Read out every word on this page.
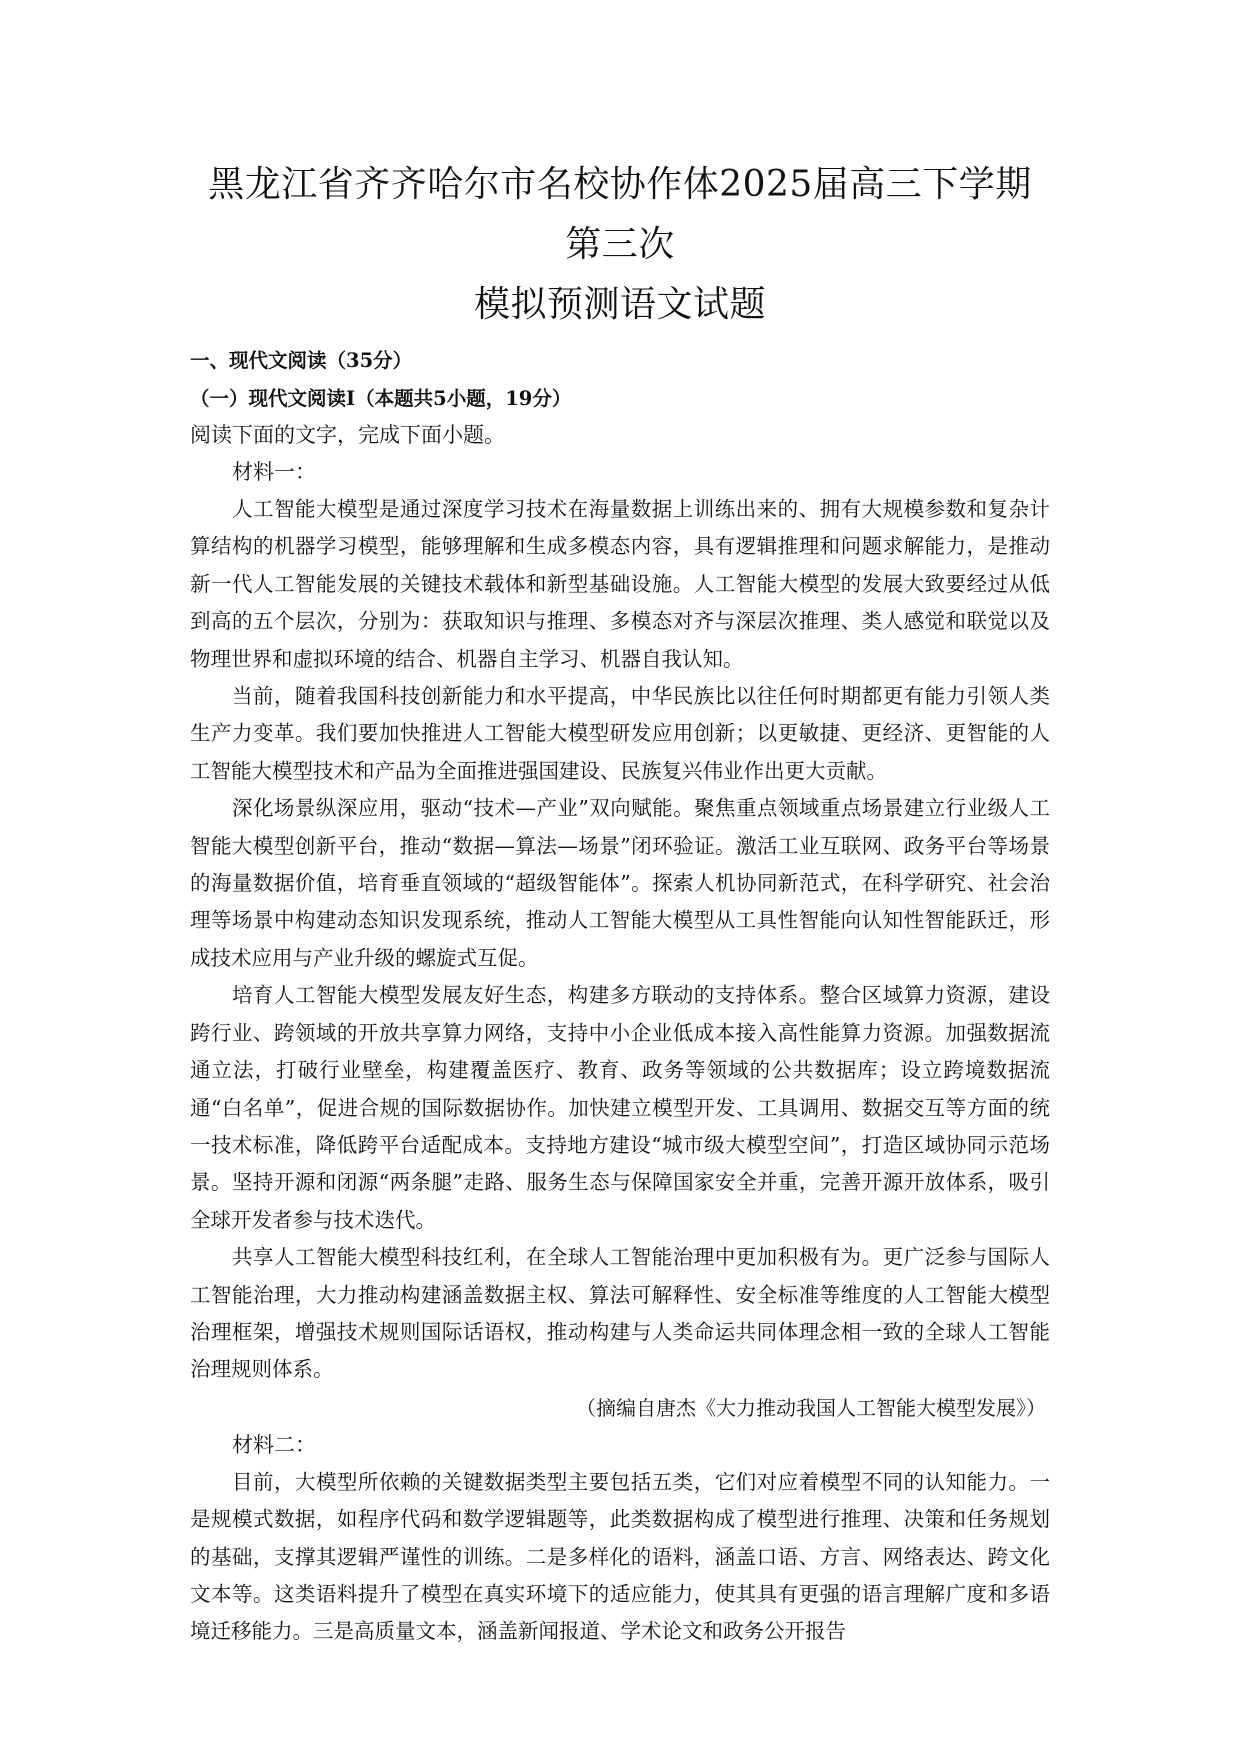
黑龙江省齐齐哈尔市名校协作体2025届高三下学期第三次
模拟预测语文试题

一、现代文阅读（35分）

（一）现代文阅读Ⅰ（本题共5小题，19分）

阅读下面的文字，完成下面小题。

材料一：

人工智能大模型是通过深度学习技术在海量数据上训练出来的、拥有大规模参数和复杂计算结构的机器学习模型，能够理解和生成多模态内容，具有逻辑推理和问题求解能力，是推动新一代人工智能发展的关键技术载体和新型基础设施。人工智能大模型的发展大致要经过从低到高的五个层次，分别为：获取知识与推理、多模态对齐与深层次推理、类人感觉和联觉以及物理世界和虚拟环境的结合、机器自主学习、机器自我认知。

当前，随着我国科技创新能力和水平提高，中华民族比以往任何时期都更有能力引领人类生产力变革。我们要加快推进人工智能大模型研发应用创新；以更敏捷、更经济、更智能的人工智能大模型技术和产品为全面推进强国建设、民族复兴伟业作出更大贡献。

深化场景纵深应用，驱动“技术—产业”双向赋能。聚焦重点领域重点场景建立行业级人工智能大模型创新平台，推动“数据—算法—场景”闭环验证。激活工业互联网、政务平台等场景的海量数据价值，培育垂直领域的“超级智能体”。探索人机协同新范式，在科学研究、社会治理等场景中构建动态知识发现系统，推动人工智能大模型从工具性智能向认知性智能跃迁，形成技术应用与产业升级的螺旋式互促。

培育人工智能大模型发展友好生态，构建多方联动的支持体系。整合区域算力资源，建设跨行业、跨领域的开放共享算力网络，支持中小企业低成本接入高性能算力资源。加强数据流通立法，打破行业壁垒，构建覆盖医疗、教育、政务等领域的公共数据库；设立跨境数据流通“白名单”，促进合规的国际数据协作。加快建立模型开发、工具调用、数据交互等方面的统一技术标准，降低跨平台适配成本。支持地方建设“城市级大模型空间”，打造区域协同示范场景。坚持开源和闭源“两条腿”走路、服务生态与保障国家安全并重，完善开源开放体系，吸引全球开发者参与技术迭代。

共享人工智能大模型科技红利，在全球人工智能治理中更加积极有为。更广泛参与国际人工智能治理，大力推动构建涵盖数据主权、算法可解释性、安全标准等维度的人工智能大模型治理框架，增强技术规则国际话语权，推动构建与人类命运共同体理念相一致的全球人工智能治理规则体系。

（摘编自唐杰《大力推动我国人工智能大模型发展》）

材料二：

目前，大模型所依赖的关键数据类型主要包括五类，它们对应着模型不同的认知能力。一是规模式数据，如程序代码和数学逻辑题等，此类数据构成了模型进行推理、决策和任务规划的基础，支撑其逻辑严谨性的训练。二是多样化的语料，涵盖口语、方言、网络表达、跨文化文本等。这类语料提升了模型在真实环境下的适应能力，使其具有更强的语言理解广度和多语境迁移能力。三是高质量文本，涵盖新闻报道、学术论文和政务公开报告
